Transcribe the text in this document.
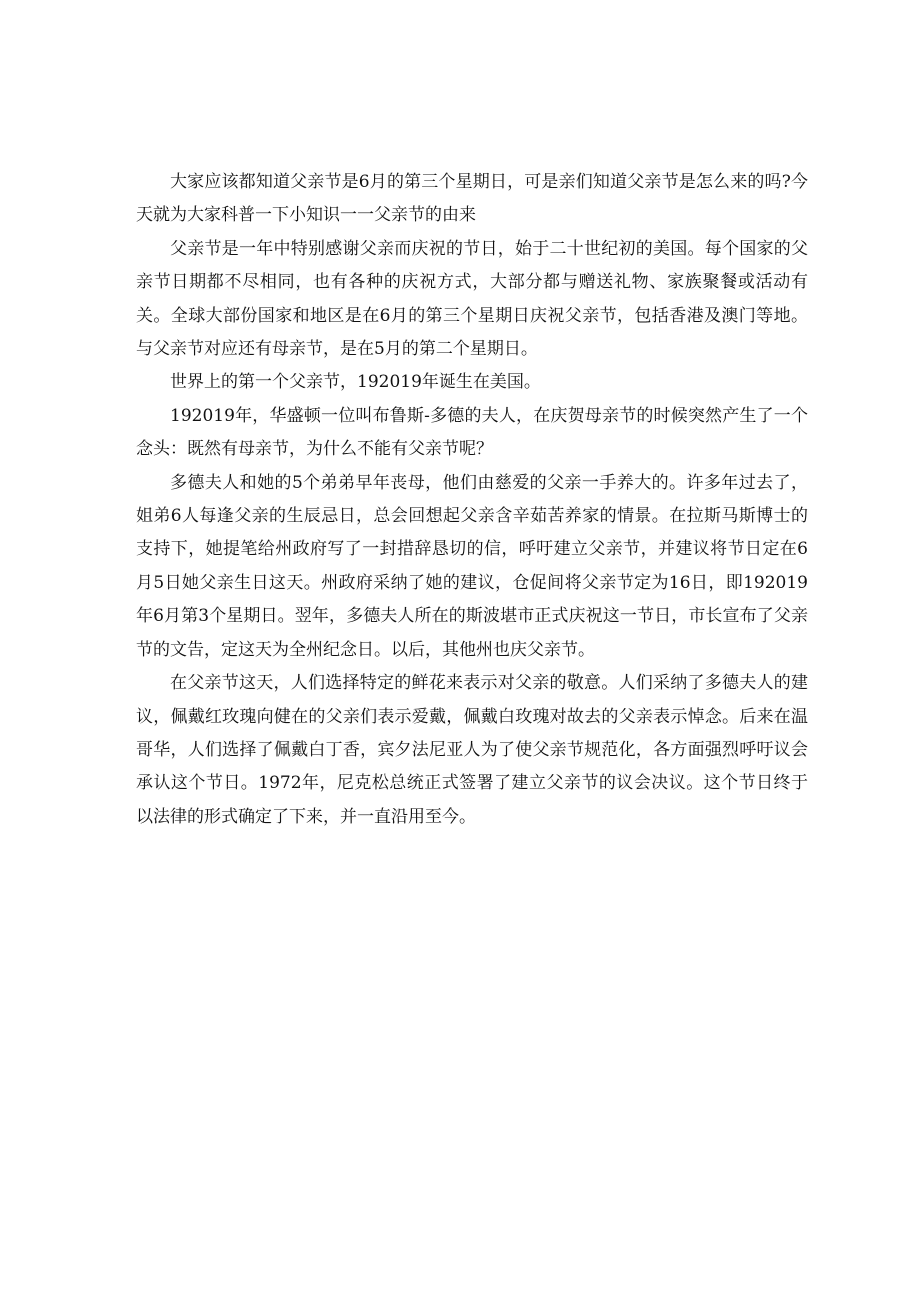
大家应该都知道父亲节是6月的第三个星期日，可是亲们知道父亲节是怎么来的吗?今天就为大家科普一下小知识一一父亲节的由来

父亲节是一年中特别感谢父亲而庆祝的节日，始于二十世纪初的美国。每个国家的父亲节日期都不尽相同，也有各种的庆祝方式，大部分都与赠送礼物、家族聚餐或活动有关。全球大部份国家和地区是在6月的第三个星期日庆祝父亲节，包括香港及澳门等地。与父亲节对应还有母亲节，是在5月的第二个星期日。

世界上的第一个父亲节，192019年诞生在美国。

192019年，华盛顿一位叫布鲁斯-多德的夫人，在庆贺母亲节的时候突然产生了一个念头：既然有母亲节，为什么不能有父亲节呢？

多德夫人和她的5个弟弟早年丧母，他们由慈爱的父亲一手养大的。许多年过去了，姐弟6人每逢父亲的生辰忌日，总会回想起父亲含辛茹苦养家的情景。在拉斯马斯博士的支持下，她提笔给州政府写了一封措辞恳切的信，呼吁建立父亲节，并建议将节日定在6月5日她父亲生日这天。州政府采纳了她的建议，仓促间将父亲节定为16日，即192019年6月第3个星期日。翌年，多德夫人所在的斯波堪市正式庆祝这一节日，市长宣布了父亲节的文告，定这天为全州纪念日。以后，其他州也庆父亲节。

在父亲节这天，人们选择特定的鲜花来表示对父亲的敬意。人们采纳了多德夫人的建议，佩戴红玫瑰向健在的父亲们表示爱戴，佩戴白玫瑰对故去的父亲表示悼念。后来在温哥华，人们选择了佩戴白丁香，宾夕法尼亚人为了使父亲节规范化，各方面强烈呼吁议会承认这个节日。1972年，尼克松总统正式签署了建立父亲节的议会决议。这个节日终于以法律的形式确定了下来，并一直沿用至今。
